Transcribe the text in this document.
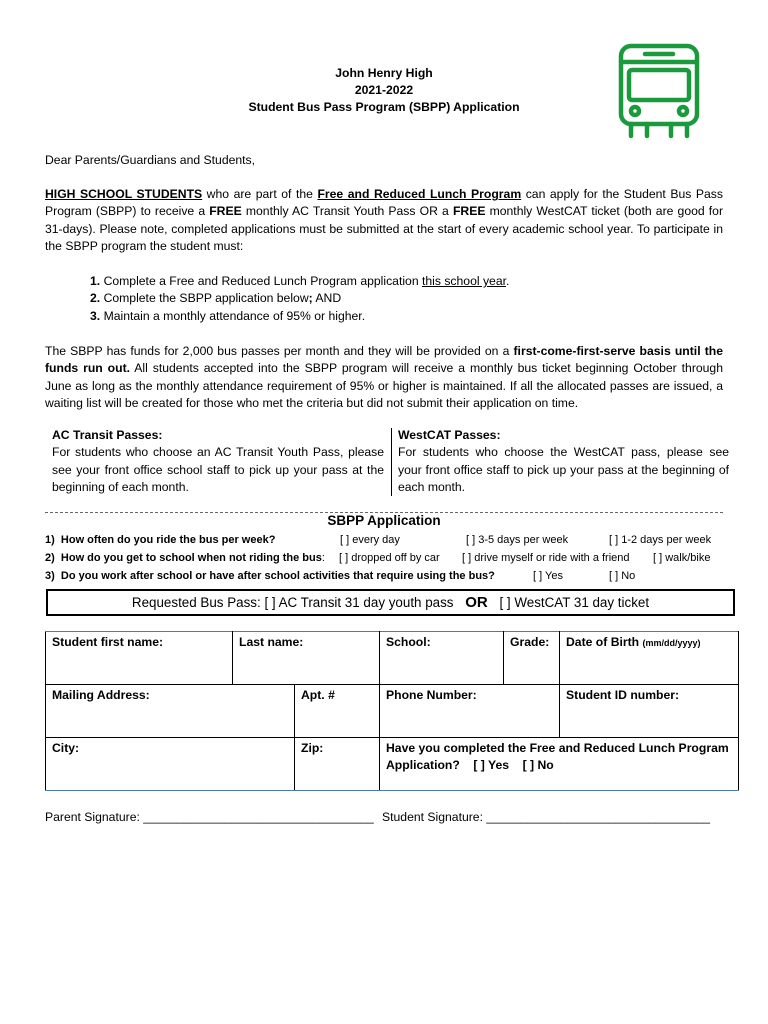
John Henry High
2021-2022
Student Bus Pass Program (SBPP) Application
Dear Parents/Guardians and Students,
HIGH SCHOOL STUDENTS who are part of the Free and Reduced Lunch Program can apply for the Student Bus Pass Program (SBPP) to receive a FREE monthly AC Transit Youth Pass OR a FREE monthly WestCAT ticket (both are good for 31-days). Please note, completed applications must be submitted at the start of every academic school year. To participate in the SBPP program the student must:
1. Complete a Free and Reduced Lunch Program application this school year.
2. Complete the SBPP application below; AND
3. Maintain a monthly attendance of 95% or higher.
The SBPP has funds for 2,000 bus passes per month and they will be provided on a first-come-first-serve basis until the funds run out. All students accepted into the SBPP program will receive a monthly bus ticket beginning October through June as long as the monthly attendance requirement of 95% or higher is maintained. If all the allocated passes are issued, a waiting list will be created for those who met the criteria but did not submit their application on time.
AC Transit Passes:
For students who choose an AC Transit Youth Pass, please see your front office school staff to pick up your pass at the beginning of each month.
WestCAT Passes:
For students who choose the WestCAT pass, please see your front office staff to pick up your pass at the beginning of each month.
SBPP Application
1) How often do you ride the bus per week?	[ ] every day	[ ] 3-5 days per week	[ ] 1-2 days per week
2) How do you get to school when not riding the bus: [ ] dropped off by car [ ] drive myself or ride with a friend [ ] walk/bike
3) Do you work after school or have after school activities that require using the bus?	[ ] Yes	[ ] No
Requested Bus Pass: [ ] AC Transit 31 day youth pass OR [ ] WestCAT 31 day ticket
Student first name:	Last name:		School:	Grade:	Date of Birth (mm/dd/yyyy)
Mailing Address:		Apt. #	Phone Number:		Student ID number:
City:		Zip:	Have you completed the Free and Reduced Lunch Program Application? [ ] Yes [ ] No		
Parent Signature: __________________________________ Student Signature: _________________________________
